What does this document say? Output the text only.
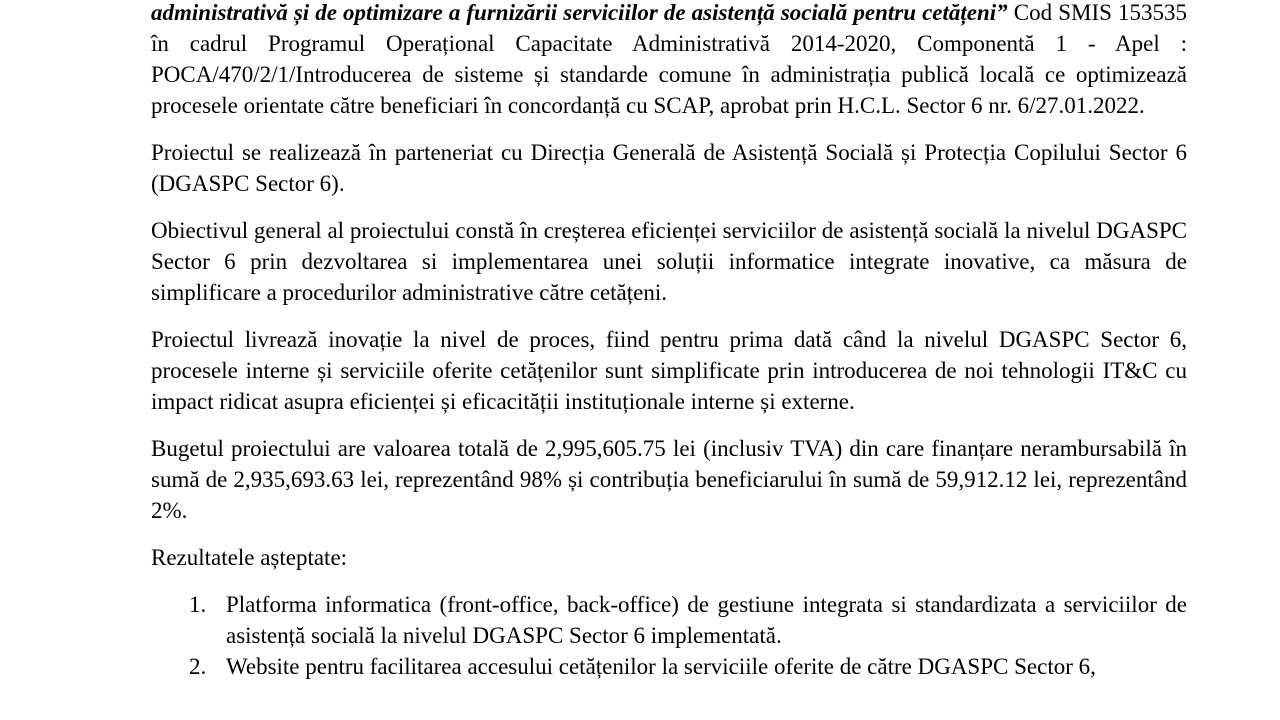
administrativă și de optimizare a furnizării serviciilor de asistență socială pentru cetățeni” Cod SMIS 153535 în cadrul Programul Operațional Capacitate Administrativă 2014-2020, Componentă 1 - Apel : POCA/470/2/1/Introducerea de sisteme și standarde comune în administrația publică locală ce optimizează procesele orientate către beneficiari în concordanță cu SCAP, aprobat prin H.C.L. Sector 6 nr. 6/27.01.2022.

Proiectul se realizează în parteneriat cu Direcția Generală de Asistență Socială și Protecția Copilului Sector 6 (DGASPC Sector 6).

Obiectivul general al proiectului constă în creșterea eficienței serviciilor de asistență socială la nivelul DGASPC Sector 6 prin dezvoltarea si implementarea unei soluții informatice integrate inovative, ca măsura de simplificare a procedurilor administrative către cetățeni.

Proiectul livrează inovație la nivel de proces, fiind pentru prima dată când la nivelul DGASPC Sector 6, procesele interne și serviciile oferite cetățenilor sunt simplificate prin introducerea de noi tehnologii IT&C cu impact ridicat asupra eficienței și eficacității instituționale interne și externe.

Bugetul proiectului are valoarea totală de 2,995,605.75 lei (inclusiv TVA) din care finanțare nerambursabilă în sumă de 2,935,693.63 lei, reprezentând 98% și contribuția beneficiarului în sumă de 59,912.12 lei, reprezentând 2%.

Rezultatele așteptate:

1. Platforma informatica (front-office, back-office) de gestiune integrata si standardizata a serviciilor de asistență socială la nivelul DGASPC Sector 6 implementată.
2. Website pentru facilitarea accesului cetățenilor la serviciile oferite de către DGASPC Sector 6,
